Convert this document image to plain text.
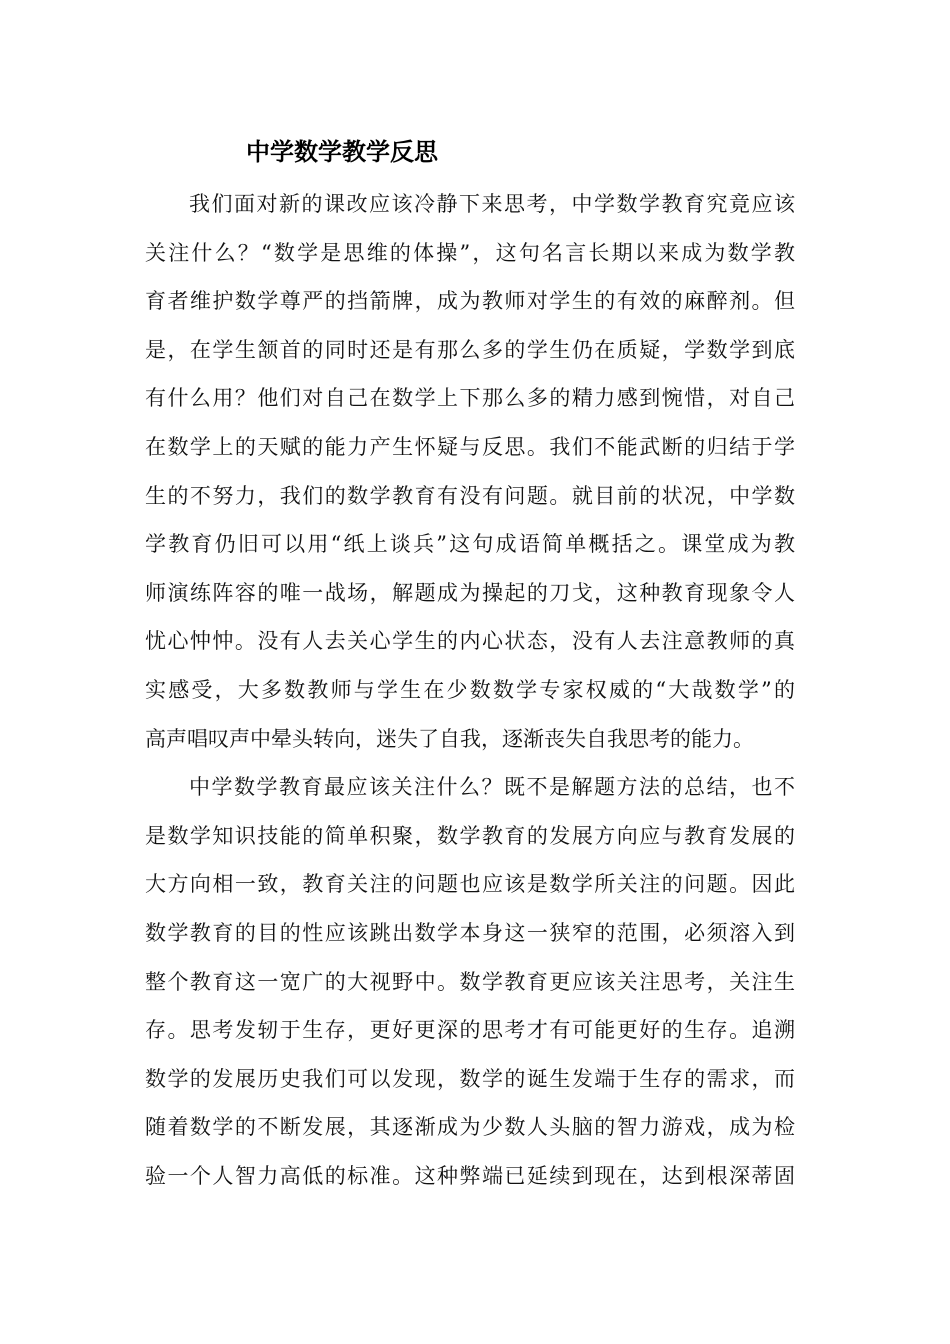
中学数学教学反思
我们面对新的课改应该冷静下来思考，中学数学教育究竟应该
关注什么？“数学是思维的体操”，这句名言长期以来成为数学教
育者维护数学尊严的挡箭牌，成为教师对学生的有效的麻醉剂。但
是，在学生颔首的同时还是有那么多的学生仍在质疑，学数学到底
有什么用？他们对自己在数学上下那么多的精力感到惋惜，对自己
在数学上的天赋的能力产生怀疑与反思。我们不能武断的归结于学
生的不努力，我们的数学教育有没有问题。就目前的状况，中学数
学教育仍旧可以用“纸上谈兵”这句成语简单概括之。课堂成为教
师演练阵容的唯一战场，解题成为操起的刀戈，这种教育现象令人
忧心忡忡。没有人去关心学生的内心状态，没有人去注意教师的真
实感受，大多数教师与学生在少数数学专家权威的“大哉数学”的
高声唱叹声中晕头转向，迷失了自我，逐渐丧失自我思考的能力。
中学数学教育最应该关注什么？既不是解题方法的总结，也不
是数学知识技能的简单积聚，数学教育的发展方向应与教育发展的
大方向相一致，教育关注的问题也应该是数学所关注的问题。因此
数学教育的目的性应该跳出数学本身这一狭窄的范围，必须溶入到
整个教育这一宽广的大视野中。数学教育更应该关注思考，关注生
存。思考发轫于生存，更好更深的思考才有可能更好的生存。追溯
数学的发展历史我们可以发现，数学的诞生发端于生存的需求，而
随着数学的不断发展，其逐渐成为少数人头脑的智力游戏，成为检
验一个人智力高低的标准。这种弊端已延续到现在，达到根深蒂固
